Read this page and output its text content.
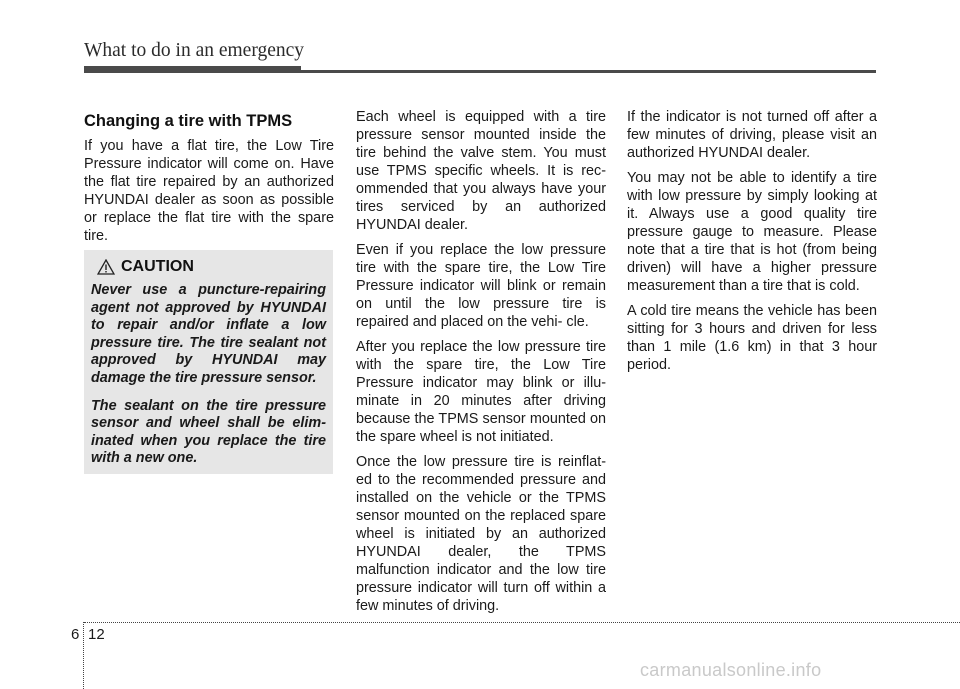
What to do in an emergency
Changing a tire with TPMS

If you have a flat tire, the Low Tire Pressure indicator will come on. Have the flat tire repaired by an authorized HYUNDAI dealer as soon as possible or replace the flat tire with the spare tire.

CAUTION

Never use a puncture-repairing agent not approved by HYUNDAI to repair and/or inflate a low pressure tire. The tire sealant not approved by HYUNDAI may damage the tire pressure sensor.

The sealant on the tire pressure sensor and wheel shall be elim- inated when you replace the tire with a new one.

Each wheel is equipped with a tire pressure sensor mounted inside the tire behind the valve stem. You must use TPMS specific wheels. It is rec- ommended that you always have your tires serviced by an authorized HYUNDAI dealer.

Even if you replace the low pressure tire with the spare tire, the Low Tire Pressure indicator will blink or remain on until the low pressure tire is repaired and placed on the vehi- cle.

After you replace the low pressure tire with the spare tire, the Low Tire Pressure indicator may blink or illu- minate in 20 minutes after driving because the TPMS sensor mounted on the spare wheel is not initiated.

Once the low pressure tire is reinflat- ed to the recommended pressure and installed on the vehicle or the TPMS sensor mounted on the replaced spare wheel is initiated by an authorized HYUNDAI dealer, the TPMS malfunction indicator and the low tire pressure indicator will turn off within a few minutes of driving.

If the indicator is not turned off after a few minutes of driving, please visit an authorized HYUNDAI dealer.

You may not be able to identify a tire with low pressure by simply looking at it. Always use a good quality tire pressure gauge to measure. Please note that a tire that is hot (from being driven) will have a higher pressure measurement than a tire that is cold.

A cold tire means the vehicle has been sitting for 3 hours and driven for less than 1 mile (1.6 km) in that 3 hour period.

6 12
carmanualsonline.info
